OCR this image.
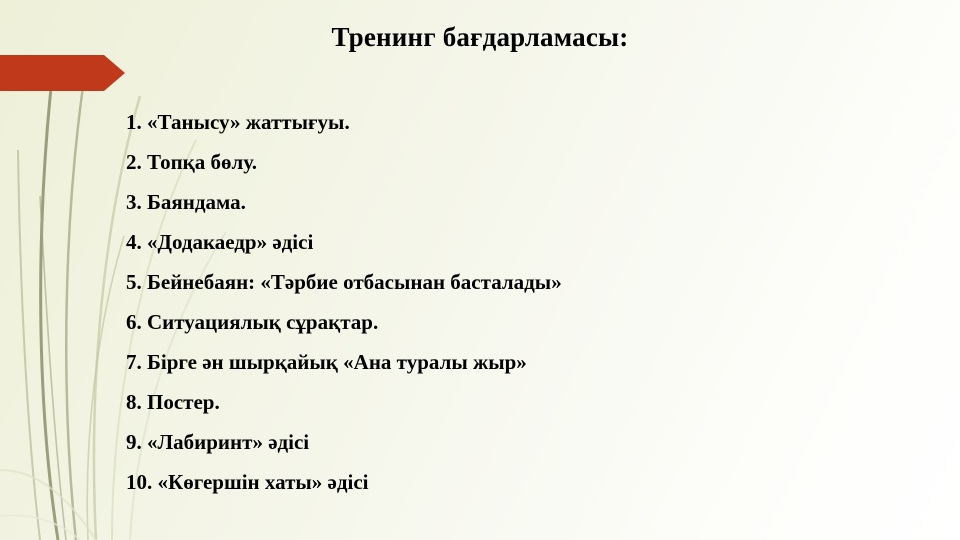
Тренинг бағдарламасы:
1. «Танысу» жаттығуы.
2. Топқа бөлу.
3. Баяндама.
4. «Додакаедр» әдісі
5. Бейнебаян: «Тәрбие отбасынан басталады»
6. Ситуациялық сұрақтар.
7. Бірге ән шырқайық «Ана туралы жыр»
8. Постер.
9. «Лабиринт» әдісі
10. «Көгершін хаты» әдісі
